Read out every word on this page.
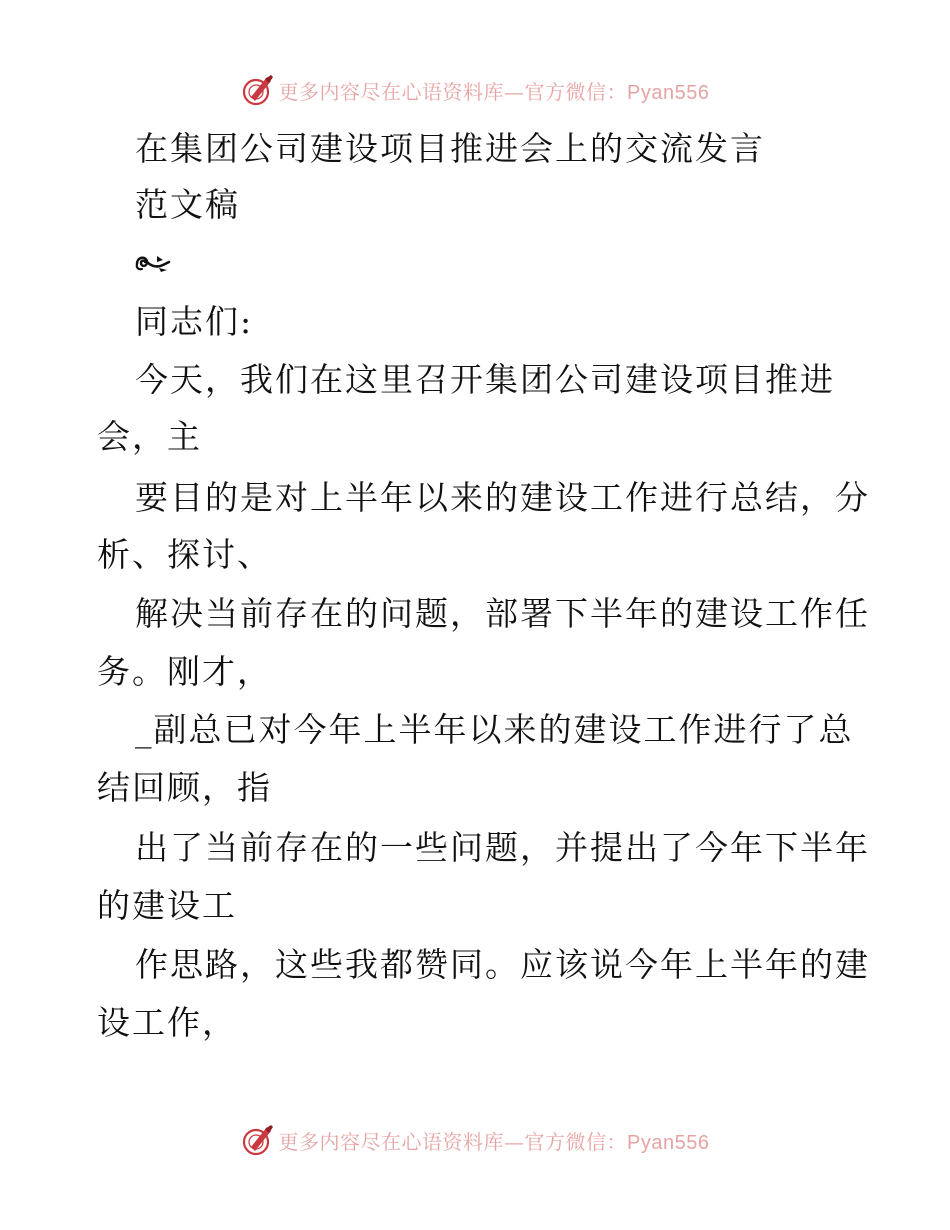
更多内容尽在心语资料库—官方微信：Pyan556
在集团公司建设项目推进会上的交流发言
范文稿
同志们:
今天，我们在这里召开集团公司建设项目推进
会，主
要目的是对上半年以来的建设工作进行总结，分
析、探讨、
解决当前存在的问题，部署下半年的建设工作任
务。刚才，
_副总已对今年上半年以来的建设工作进行了总
结回顾，指
出了当前存在的一些问题，并提出了今年下半年
的建设工
作思路，这些我都赞同。应该说今年上半年的建
设工作，
更多内容尽在心语资料库—官方微信：Pyan556
